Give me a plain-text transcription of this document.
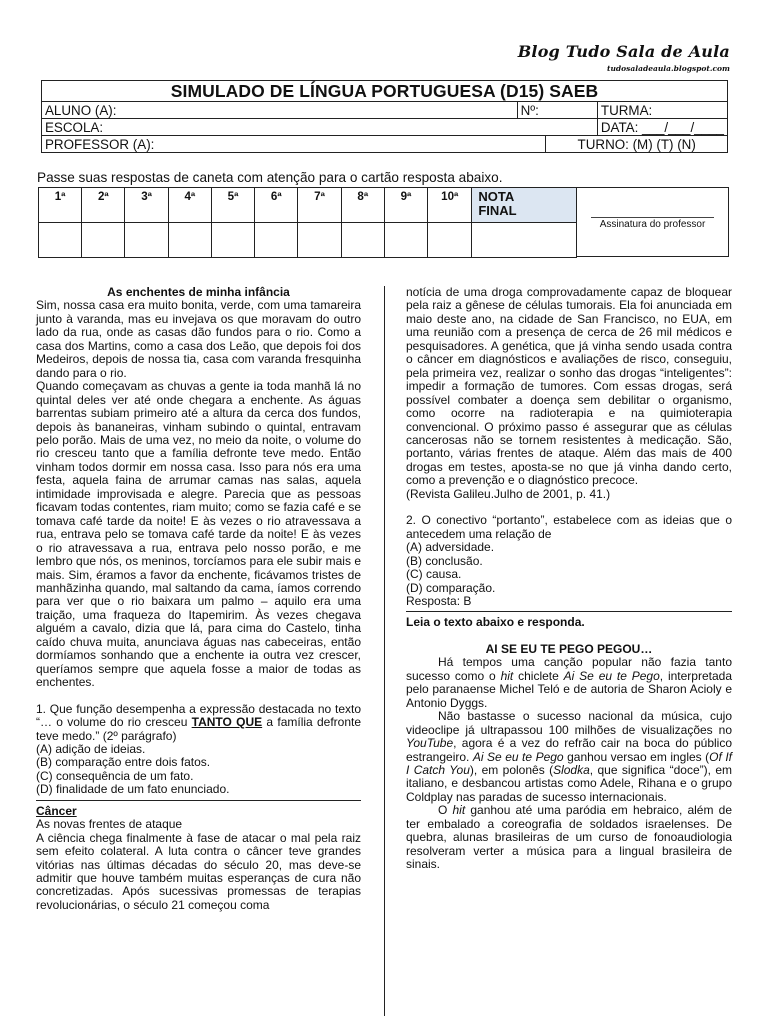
Blog Tudo Sala de Aula
tudosaladeaula.blogspot.com
SIMULADO DE LÍNGUA PORTUGUESA (D15) SAEB			
ALUNO (A):	Nº:		TURMA:
ESCOLA:			DATA: ___/___/____
PROFESSOR (A):		TURNO: (M) (T) (N)	
Passe suas respostas de caneta com atenção para o cartão resposta abaixo.
1ª	2ª	3ª	4ª	5ª	6ª	7ª	8ª	9ª	10ª	NOTA
FINAL

Assinatura do professor

As enchentes de minha infância

Sim, nossa casa era muito bonita, verde, com uma tamareira junto à varanda, mas eu invejava os que moravam do outro lado da rua, onde as casas dão fundos para o rio. Como a casa dos Martins, como a casa dos Leão, que depois foi dos Medeiros, depois de nossa tia, casa com varanda fresquinha dando para o rio.

Quando começavam as chuvas a gente ia toda manhã lá no quintal deles ver até onde chegara a enchente. As águas barrentas subiam primeiro até a altura da cerca dos fundos, depois às bananeiras, vinham subindo o quintal, entravam pelo porão. Mais de uma vez, no meio da noite, o volume do rio cresceu tanto que a família defronte teve medo. Então vinham todos dormir em nossa casa. Isso para nós era uma festa, aquela faina de arrumar camas nas salas, aquela intimidade improvisada e alegre. Parecia que as pessoas ficavam todas contentes, riam muito; como se fazia café e se tomava café tarde da noite! E às vezes o rio atravessava a rua, entrava pelo se tomava café tarde da noite! E às vezes o rio atravessava a rua, entrava pelo nosso porão, e me lembro que nós, os meninos, torcíamos para ele subir mais e mais. Sim, éramos a favor da enchente, ficávamos tristes de manhãzinha quando, mal saltando da cama, íamos correndo para ver que o rio baixara um palmo – aquilo era uma traição, uma fraqueza do Itapemirim. Às vezes chegava alguém a cavalo, dizia que lá, para cima do Castelo, tinha caído chuva muita, anunciava águas nas cabeceiras, então dormíamos sonhando que a enchente ia outra vez crescer, queríamos sempre que aquela fosse a maior de todas as enchentes.

1. Que função desempenha a expressão destacada no texto “… o volume do rio cresceu TANTO QUE a família defronte teve medo.” (2º parágrafo)

(A) adição de ideias.

(B) comparação entre dois fatos.

(C) consequência de um fato.

(D) finalidade de um fato enunciado.

Câncer

As novas frentes de ataque

A ciência chega finalmente à fase de atacar o mal pela raiz sem efeito colateral. A luta contra o câncer teve grandes vitórias nas últimas décadas do século 20, mas deve-se admitir que houve também muitas esperanças de cura não concretizadas. Após sucessivas promessas de terapias revolucionárias, o século 21 começou coma

notícia de uma droga comprovadamente capaz de bloquear pela raiz a gênese de células tumorais. Ela foi anunciada em maio deste ano, na cidade de San Francisco, no EUA, em uma reunião com a presença de cerca de 26 mil médicos e pesquisadores. A genética, que já vinha sendo usada contra o câncer em diagnósticos e avaliações de risco, conseguiu, pela primeira vez, realizar o sonho das drogas “inteligentes”: impedir a formação de tumores. Com essas drogas, será possível combater a doença sem debilitar o organismo, como ocorre na radioterapia e na quimioterapia convencional. O próximo passo é assegurar que as células cancerosas não se tornem resistentes à medicação. São, portanto, várias frentes de ataque. Além das mais de 400 drogas em testes, aposta-se no que já vinha dando certo, como a prevenção e o diagnóstico precoce.

(Revista Galileu.Julho de 2001, p. 41.)

2. O conectivo “portanto”, estabelece com as ideias que o antecedem uma relação de

(A) adversidade.

(B) conclusão.

(C) causa.

(D) comparação.

Resposta: B

Leia o texto abaixo e responda.

AI SE EU TE PEGO PEGOU…

Há tempos uma canção popular não fazia tanto sucesso como o hit chiclete Ai Se eu te Pego, interpretada pelo paranaense Michel Teló e de autoria de Sharon Acioly e Antonio Dyggs.

Não bastasse o sucesso nacional da música, cujo videoclipe já ultrapassou 100 milhões de visualizações no YouTube, agora é a vez do refrão cair na boca do público estrangeiro. Ai Se eu te Pego ganhou versao em ingles (Of If I Catch You), em polonês (Slodka, que significa “doce”), em italiano, e desbancou artistas como Adele, Rihana e o grupo Coldplay nas paradas de sucesso internacionais.

O hit ganhou até uma paródia em hebraico, além de ter embalado a coreografia de soldados israelenses. De quebra, alunas brasileiras de um curso de fonoaudiologia resolveram verter a música para a lingual brasileira de sinais.
